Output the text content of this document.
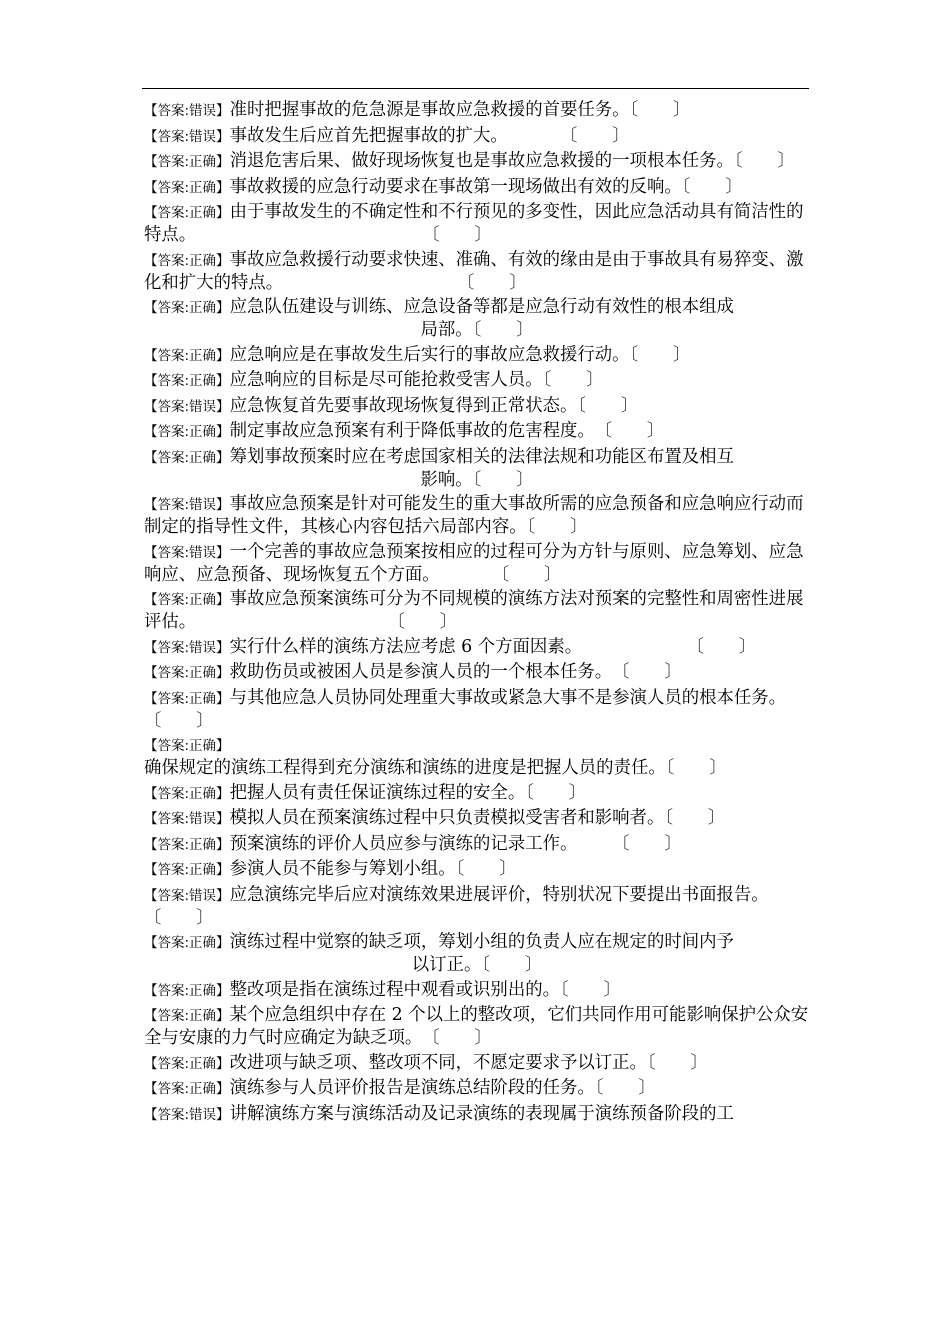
【答案:错误】准时把握事故的危急源是事故应急救援的首要任务。〔　　〕

【答案:错误】事故发生后应首先把握事故的扩大。　　　　〔　　〕

【答案:正确】消退危害后果、做好现场恢复也是事故应急救援的一项根本任务。〔　　〕

【答案:正确】事故救援的应急行动要求在事故第一现场做出有效的反响。〔　　〕

【答案:正确】由于事故发生的不确定性和不行预见的多变性，因此应急活动具有简洁性的特点。　　　　　　　　　　　　　　〔　　〕

【答案:正确】事故应急救援行动要求快速、准确、有效的缘由是由于事故具有易猝变、激化和扩大的特点。　　　　　　　　　　　〔　　〕

【答案:正确】应急队伍建设与训练、应急设备等都是应急行动有效性的根本组成
局部。〔　　〕

【答案:正确】应急响应是在事故发生后实行的事故应急救援行动。〔　　〕

【答案:正确】应急响应的目标是尽可能抢救受害人员。〔　　〕

【答案:错误】应急恢复首先要事故现场恢复得到正常状态。〔　　〕

【答案:正确】制定事故应急预案有利于降低事故的危害程度。　〔　　〕

【答案:正确】筹划事故预案时应在考虑国家相关的法律法规和功能区布置及相互
影响。〔　　〕

【答案:错误】事故应急预案是针对可能发生的重大事故所需的应急预备和应急响应行动而制定的指导性文件，其核心内容包括六局部内容。〔　　〕

【答案:错误】一个完善的事故应急预案按相应的过程可分为方针与原则、应急筹划、应急响应、应急预备、现场恢复五个方面。　　　　〔　　〕

【答案:正确】事故应急预案演练可分为不同规模的演练方法对预案的完整性和周密性进展评估。　　　　　　　　　　　　〔　　〕

【答案:错误】实行什么样的演练方法应考虑 6 个方面因素。　　　　　　　〔　　〕

【答案:正确】救助伤员或被困人员是参演人员的一个根本任务。　〔　　〕

【答案:正确】与其他应急人员协同处理重大事故或紧急大事不是参演人员的根本任务。〔　　〕

【答案:正确】确保规定的演练工程得到充分演练和演练的进度是把握人员的责任。〔　　〕

【答案:正确】把握人员有责任保证演练过程的安全。〔　　〕

【答案:错误】模拟人员在预案演练过程中只负责模拟受害者和影响者。〔　　〕

【答案:正确】预案演练的评价人员应参与演练的记录工作。　　　〔　　〕

【答案:正确】参演人员不能参与筹划小组。〔　　〕

【答案:错误】应急演练完毕后应对演练效果进展评价，特别状况下要提出书面报告。〔　　〕

【答案:正确】演练过程中觉察的缺乏项，筹划小组的负责人应在规定的时间内予
以订正。〔　　〕

【答案:正确】整改项是指在演练过程中观看或识别出的。〔　　〕

【答案:正确】某个应急组织中存在 2 个以上的整改项，它们共同作用可能影响保护公众安全与安康的力气时应确定为缺乏项。　〔　　〕

【答案:正确】改进项与缺乏项、整改项不同，不愿定要求予以订正。〔　　〕

【答案:正确】演练参与人员评价报告是演练总结阶段的任务。〔　　〕

【答案:错误】讲解演练方案与演练活动及记录演练的表现属于演练预备阶段的工
